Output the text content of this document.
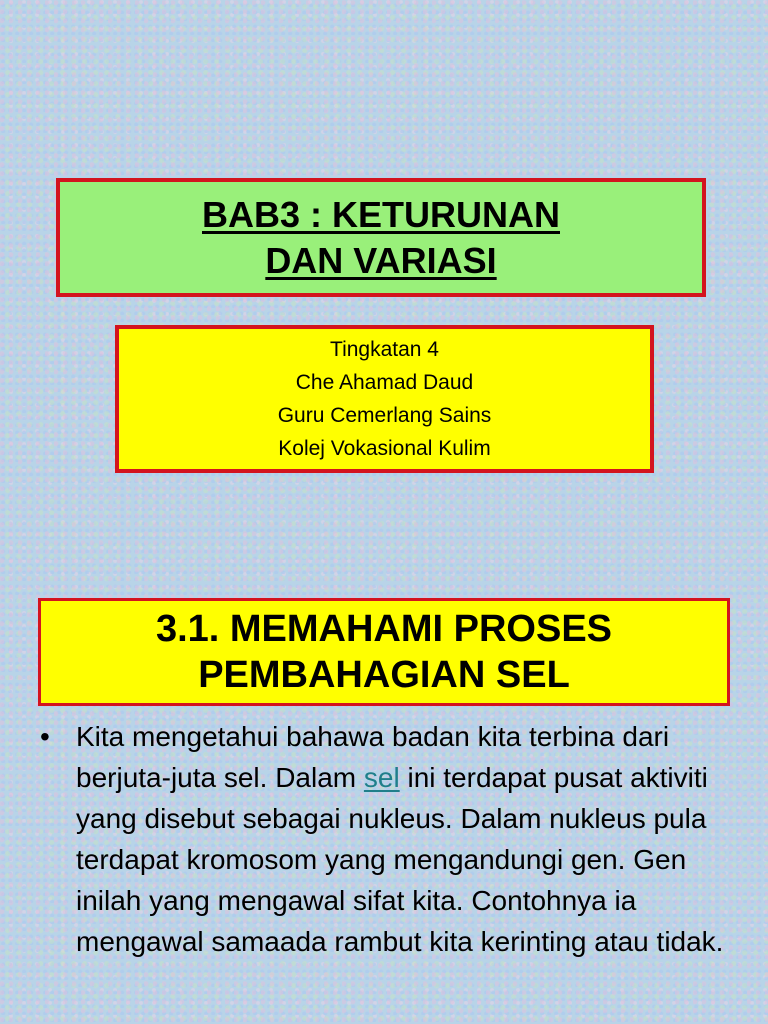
BAB3 : KETURUNAN
DAN VARIASI
Tingkatan 4
Che Ahamad Daud
Guru Cemerlang Sains
Kolej Vokasional Kulim
3.1. MEMAHAMI PROSES
PEMBAHAGIAN SEL
• Kita mengetahui bahawa badan kita terbina dari berjuta-juta sel. Dalam sel ini terdapat pusat aktiviti yang disebut sebagai nukleus. Dalam nukleus pula terdapat kromosom yang mengandungi gen. Gen inilah yang mengawal sifat kita. Contohnya ia mengawal samaada rambut kita kerinting atau tidak.
